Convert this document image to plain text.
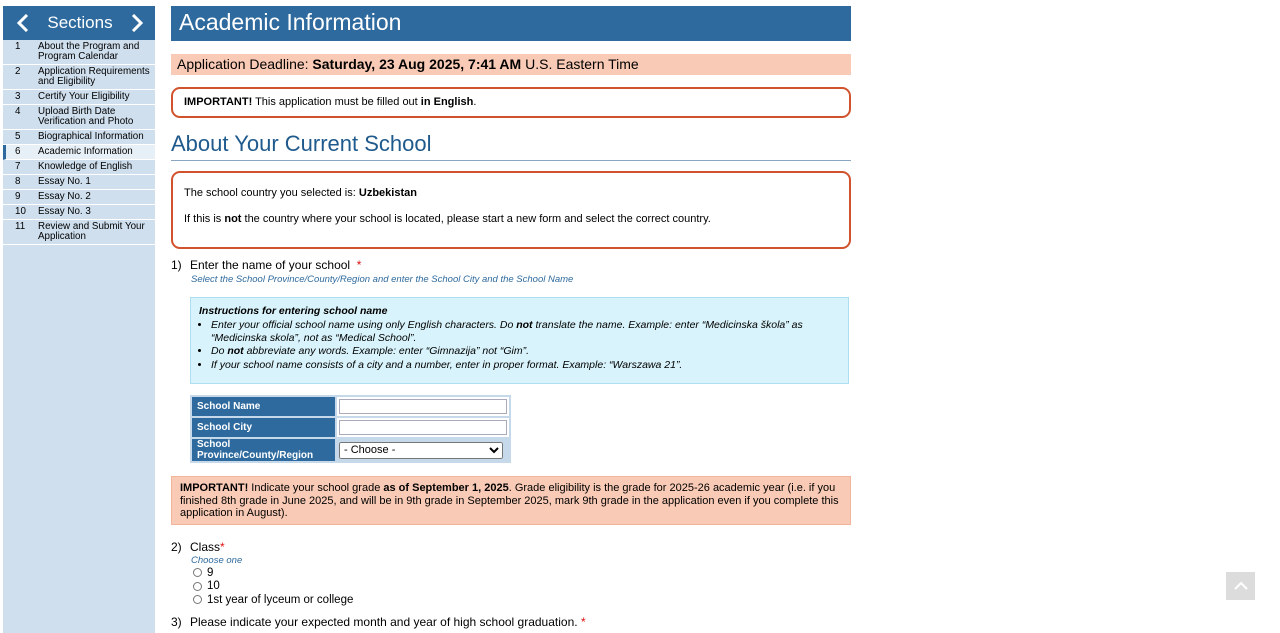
Sections
1	About the Program and Program Calendar
2	Application Requirements and Eligibility
3	Certify Your Eligibility
4	Upload Birth Date Verification and Photo
5	Biographical Information
6	Academic Information
7	Knowledge of English
8	Essay No. 1
9	Essay No. 2
10	Essay No. 3
11	Review and Submit Your Application
Academic Information
Application Deadline: Saturday, 23 Aug 2025, 7:41 AM U.S. Eastern Time
IMPORTANT! This application must be filled out in English.
About Your Current School

The school country you selected is: Uzbekistan

If this is not the country where your school is located, please start a new form and select the correct country.

1) Enter the name of your school *
Select the School Province/County/Region and enter the School City and the School Name
Instructions for entering school name
• Enter your official school name using only English characters. Do not translate the name. Example: enter “Medicinska škola” as “Medicinska skola”, not as “Medical School”.
• Do not abbreviate any words. Example: enter “Gimnazija” not “Gim”.
• If your school name consists of a city and a number, enter in proper format. Example: “Warszawa 21”.
School Name	

School City	

School Province/County/Region	
- Choose -
IMPORTANT! Indicate your school grade as of September 1, 2025. Grade eligibility is the grade for 2025-26 academic year (i.e. if you finished 8th grade in June 2025, and will be in 9th grade in September 2025, mark 9th grade in the application even if you complete this application in August).
2) Class*
Choose one
9
10
1st year of lyceum or college
3) Please indicate your expected month and year of high school graduation. *
